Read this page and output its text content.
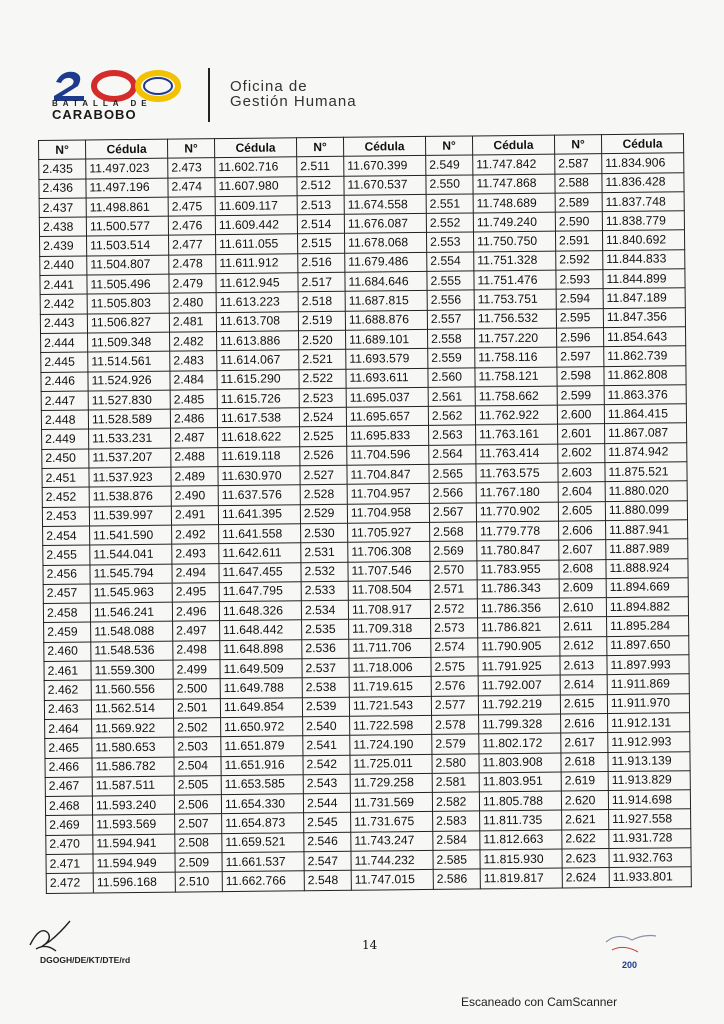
BATALLA DE
CARABOBO
Oficina de
Gestión Humana
N°	Cédula	N°	Cédula	N°	Cédula	N°	Cédula	N°	Cédula
2.435	11.497.023	2.473	11.602.716	2.511	11.670.399	2.549	11.747.842	2.587	11.834.906
2.436	11.497.196	2.474	11.607.980	2.512	11.670.537	2.550	11.747.868	2.588	11.836.428
2.437	11.498.861	2.475	11.609.117	2.513	11.674.558	2.551	11.748.689	2.589	11.837.748
2.438	11.500.577	2.476	11.609.442	2.514	11.676.087	2.552	11.749.240	2.590	11.838.779
2.439	11.503.514	2.477	11.611.055	2.515	11.678.068	2.553	11.750.750	2.591	11.840.692
2.440	11.504.807	2.478	11.611.912	2.516	11.679.486	2.554	11.751.328	2.592	11.844.833
2.441	11.505.496	2.479	11.612.945	2.517	11.684.646	2.555	11.751.476	2.593	11.844.899
2.442	11.505.803	2.480	11.613.223	2.518	11.687.815	2.556	11.753.751	2.594	11.847.189
2.443	11.506.827	2.481	11.613.708	2.519	11.688.876	2.557	11.756.532	2.595	11.847.356
2.444	11.509.348	2.482	11.613.886	2.520	11.689.101	2.558	11.757.220	2.596	11.854.643
2.445	11.514.561	2.483	11.614.067	2.521	11.693.579	2.559	11.758.116	2.597	11.862.739
2.446	11.524.926	2.484	11.615.290	2.522	11.693.611	2.560	11.758.121	2.598	11.862.808
2.447	11.527.830	2.485	11.615.726	2.523	11.695.037	2.561	11.758.662	2.599	11.863.376
2.448	11.528.589	2.486	11.617.538	2.524	11.695.657	2.562	11.762.922	2.600	11.864.415
2.449	11.533.231	2.487	11.618.622	2.525	11.695.833	2.563	11.763.161	2.601	11.867.087
2.450	11.537.207	2.488	11.619.118	2.526	11.704.596	2.564	11.763.414	2.602	11.874.942
2.451	11.537.923	2.489	11.630.970	2.527	11.704.847	2.565	11.763.575	2.603	11.875.521
2.452	11.538.876	2.490	11.637.576	2.528	11.704.957	2.566	11.767.180	2.604	11.880.020
2.453	11.539.997	2.491	11.641.395	2.529	11.704.958	2.567	11.770.902	2.605	11.880.099
2.454	11.541.590	2.492	11.641.558	2.530	11.705.927	2.568	11.779.778	2.606	11.887.941
2.455	11.544.041	2.493	11.642.611	2.531	11.706.308	2.569	11.780.847	2.607	11.887.989
2.456	11.545.794	2.494	11.647.455	2.532	11.707.546	2.570	11.783.955	2.608	11.888.924
2.457	11.545.963	2.495	11.647.795	2.533	11.708.504	2.571	11.786.343	2.609	11.894.669
2.458	11.546.241	2.496	11.648.326	2.534	11.708.917	2.572	11.786.356	2.610	11.894.882
2.459	11.548.088	2.497	11.648.442	2.535	11.709.318	2.573	11.786.821	2.611	11.895.284
2.460	11.548.536	2.498	11.648.898	2.536	11.711.706	2.574	11.790.905	2.612	11.897.650
2.461	11.559.300	2.499	11.649.509	2.537	11.718.006	2.575	11.791.925	2.613	11.897.993
2.462	11.560.556	2.500	11.649.788	2.538	11.719.615	2.576	11.792.007	2.614	11.911.869
2.463	11.562.514	2.501	11.649.854	2.539	11.721.543	2.577	11.792.219	2.615	11.911.970
2.464	11.569.922	2.502	11.650.972	2.540	11.722.598	2.578	11.799.328	2.616	11.912.131
2.465	11.580.653	2.503	11.651.879	2.541	11.724.190	2.579	11.802.172	2.617	11.912.993
2.466	11.586.782	2.504	11.651.916	2.542	11.725.011	2.580	11.803.908	2.618	11.913.139
2.467	11.587.511	2.505	11.653.585	2.543	11.729.258	2.581	11.803.951	2.619	11.913.829
2.468	11.593.240	2.506	11.654.330	2.544	11.731.569	2.582	11.805.788	2.620	11.914.698
2.469	11.593.569	2.507	11.654.873	2.545	11.731.675	2.583	11.811.735	2.621	11.927.558
2.470	11.594.941	2.508	11.659.521	2.546	11.743.247	2.584	11.812.663	2.622	11.931.728
2.471	11.594.949	2.509	11.661.537	2.547	11.744.232	2.585	11.815.930	2.623	11.932.763
2.472	11.596.168	2.510	11.662.766	2.548	11.747.015	2.586	11.819.817	2.624	11.933.801
14
DGOGH/DE/KT/DTE/rd	200
Escaneado con CamScanner
